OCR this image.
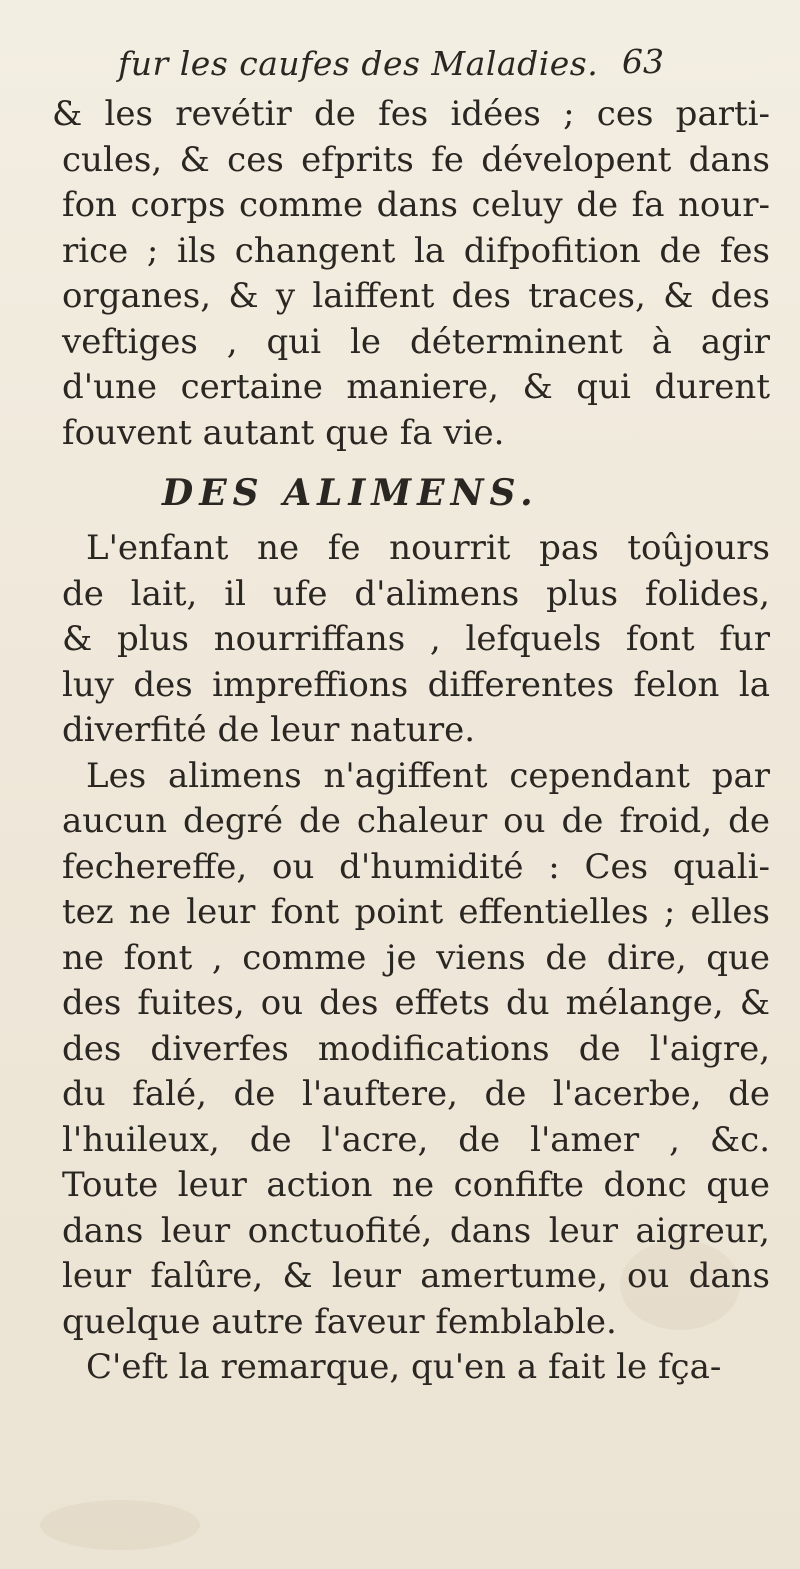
fur les caufes des Maladies. 63
& les revétir de fes idées ; ces parti-
cules, & ces efprits fe dévelopent dans
fon corps comme dans celuy de fa nour-
rice ; ils changent la difpofition de fes
organes, & y laiffent des traces, & des
veftiges , qui le déterminent à agir
d'une certaine maniere, & qui durent
fouvent autant que fa vie.
DES ALIMENS.
L'enfant ne fe nourrit pas toûjours
de lait, il ufe d'alimens plus folides,
& plus nourriffans , lefquels font fur
luy des impreffions differentes felon la
diverfité de leur nature.
Les alimens n'agiffent cependant par
aucun degré de chaleur ou de froid, de
fechereffe, ou d'humidité : Ces quali-
tez ne leur font point effentielles ; elles
ne font , comme je viens de dire, que
des fuites, ou des effets du mélange, &
des diverfes modifications de l'aigre,
du falé, de l'auftere, de l'acerbe, de
l'huileux, de l'acre, de l'amer , &c.
Toute leur action ne confifte donc que
dans leur onctuofité, dans leur aigreur,
leur falûre, & leur amertume, ou dans
quelque autre faveur femblable.
C'eft la remarque, qu'en a fait le fça-
